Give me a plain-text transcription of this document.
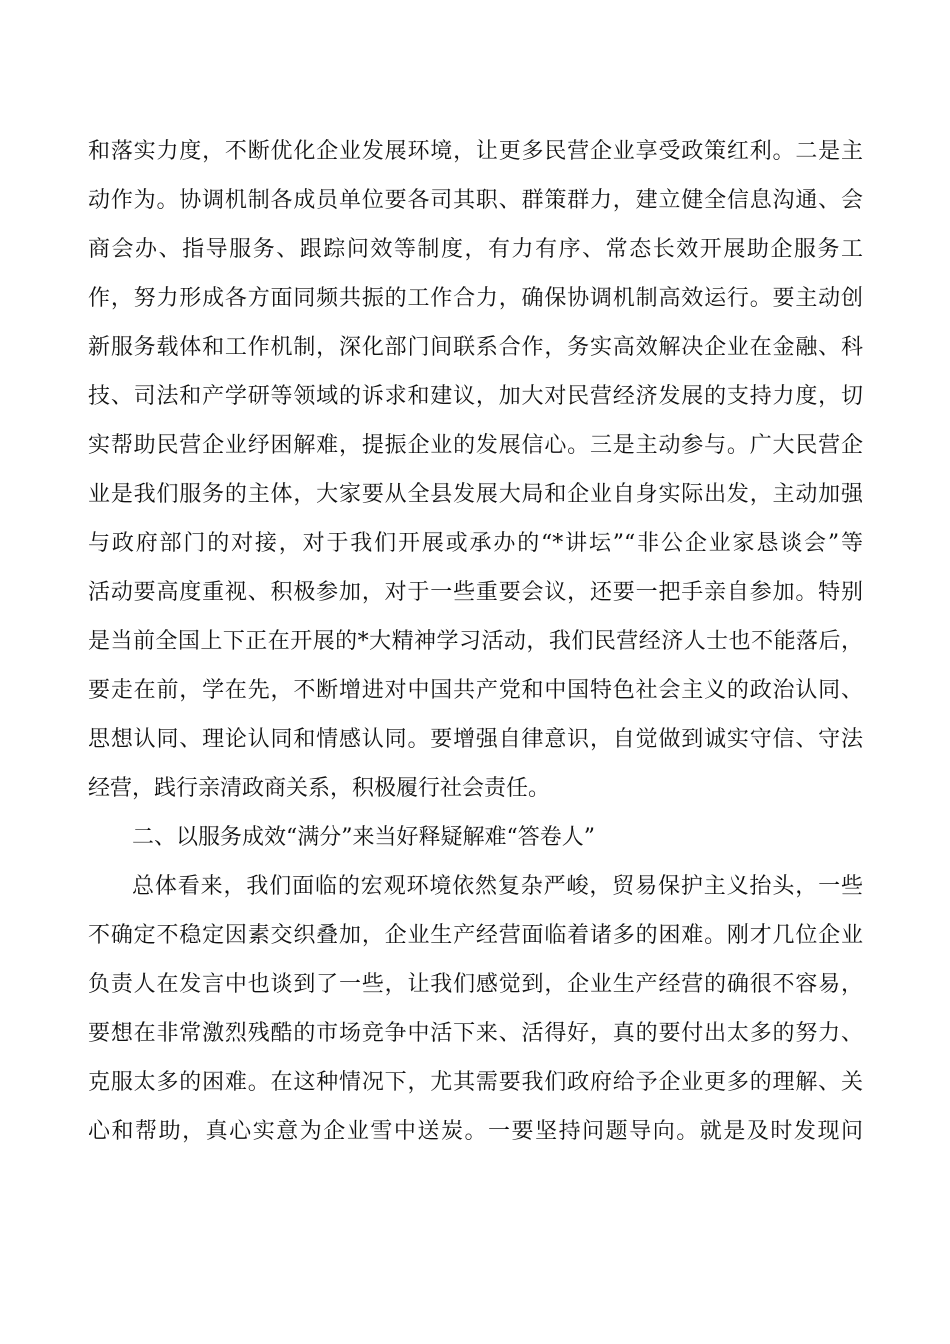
和落实力度，不断优化企业发展环境，让更多民营企业享受政策红利。二是主
动作为。协调机制各成员单位要各司其职、群策群力，建立健全信息沟通、会
商会办、指导服务、跟踪问效等制度，有力有序、常态长效开展助企服务工
作，努力形成各方面同频共振的工作合力，确保协调机制高效运行。要主动创
新服务载体和工作机制，深化部门间联系合作，务实高效解决企业在金融、科
技、司法和产学研等领域的诉求和建议，加大对民营经济发展的支持力度，切
实帮助民营企业纾困解难，提振企业的发展信心。三是主动参与。广大民营企
业是我们服务的主体，大家要从全县发展大局和企业自身实际出发，主动加强
与政府部门的对接，对于我们开展或承办的“*讲坛”“非公企业家恳谈会”等
活动要高度重视、积极参加，对于一些重要会议，还要一把手亲自参加。特别
是当前全国上下正在开展的*大精神学习活动，我们民营经济人士也不能落后，
要走在前，学在先，不断增进对中国共产党和中国特色社会主义的政治认同、
思想认同、理论认同和情感认同。要增强自律意识，自觉做到诚实守信、守法
经营，践行亲清政商关系，积极履行社会责任。
二、以服务成效“满分”来当好释疑解难“答卷人”
总体看来，我们面临的宏观环境依然复杂严峻，贸易保护主义抬头，一些
不确定不稳定因素交织叠加，企业生产经营面临着诸多的困难。刚才几位企业
负责人在发言中也谈到了一些，让我们感觉到，企业生产经营的确很不容易，
要想在非常激烈残酷的市场竞争中活下来、活得好，真的要付出太多的努力、
克服太多的困难。在这种情况下，尤其需要我们政府给予企业更多的理解、关
心和帮助，真心实意为企业雪中送炭。一要坚持问题导向。就是及时发现问
